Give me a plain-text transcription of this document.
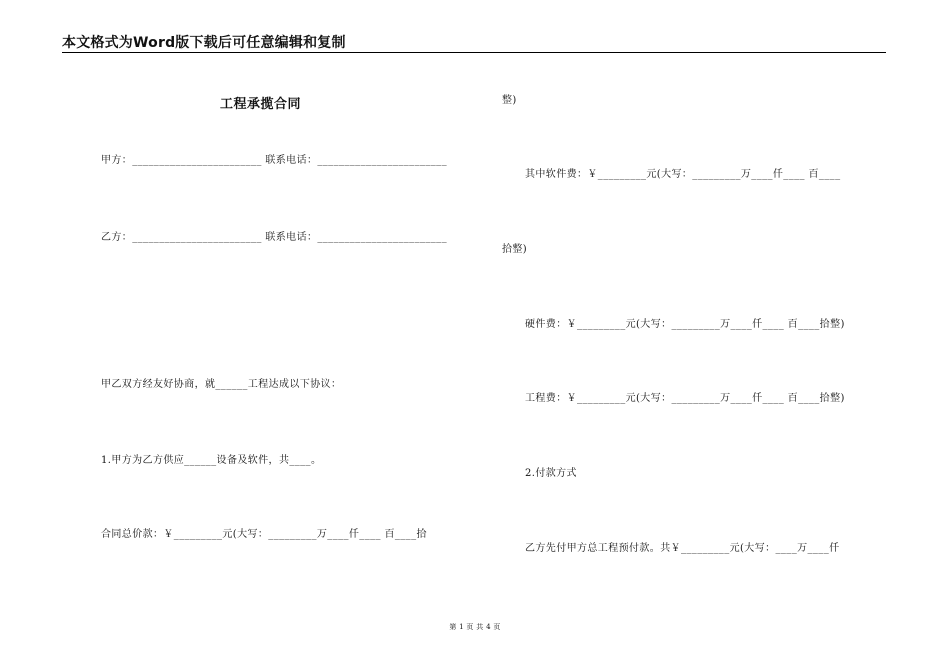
本文格式为Word版下载后可任意编辑和复制
工程承揽合同
甲方：________________________ 联系电话：________________________
乙方：________________________ 联系电话：________________________
甲乙双方经友好协商，就______工程达成以下协议：
1.甲方为乙方供应______设备及软件，共____。
合同总价款：￥_________元(大写：_________万____仟____ 百____拾
整)
其中软件费：￥_________元(大写：_________万____仟____ 百____
拾整)
硬件费：￥_________元(大写：_________万____仟____ 百____拾整)
工程费：￥_________元(大写：_________万____仟____ 百____拾整)
2.付款方式
乙方先付甲方总工程预付款。共￥_________元(大写：____万____仟
第 1 页 共 4 页
